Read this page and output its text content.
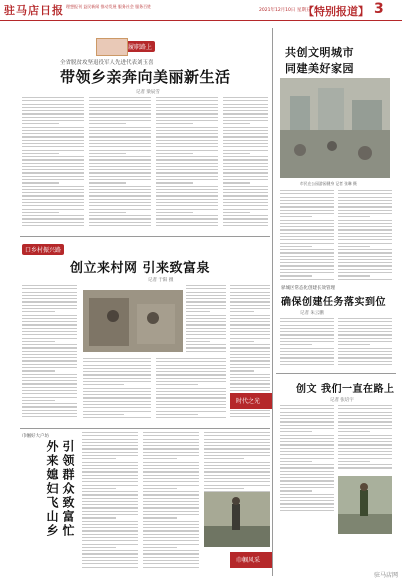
驻马店日报 理想报刊 益民新闻 推动发展 服务社会 服务百姓
2021年12月10日 星期五
【特别报道】 3
履职路上
全省脱贫攻坚退役军人先进代表刘玉喜
带领乡亲奔向美丽新生活
记者 梁辰雪
共创文明城市
同建美好家园
市民在公园游园健身 记者 张琳 摄
驿城区常态化创建长效管理
确保创建任务落实到位
记者 朱云鹏
创文 我们一直在路上
记者 张培宇
口乡村振兴路
创立来村网 引来致富泉
记者 于阳 摄
时代之光
巾帼好大户坊
外来媳妇飞山乡 引领群众致富忙
巾帼风采
驻马店网
